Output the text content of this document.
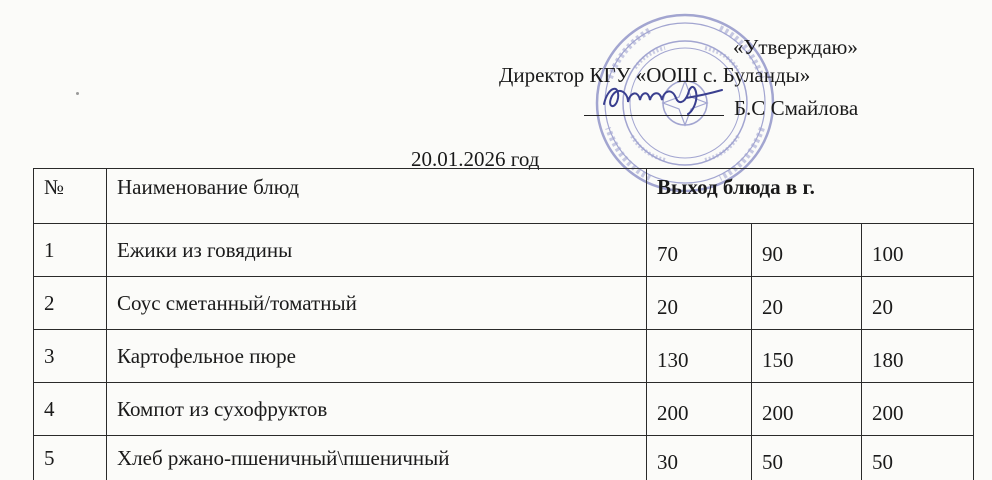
«Утверждаю»
Директор КГУ «ООШ с. Буланды»
Б.С Смайлова
20.01.2026 год
№	Наименование блюд	Выход блюда в г.		
1	Ежики из говядины	70	90	100
2	Соус сметанный/томатный	20	20	20
3	Картофельное пюре	130	150	180
4	Компот из сухофруктов	200	200	200
5	Хлеб ржано-пшеничный\пшеничный	30	50	50
